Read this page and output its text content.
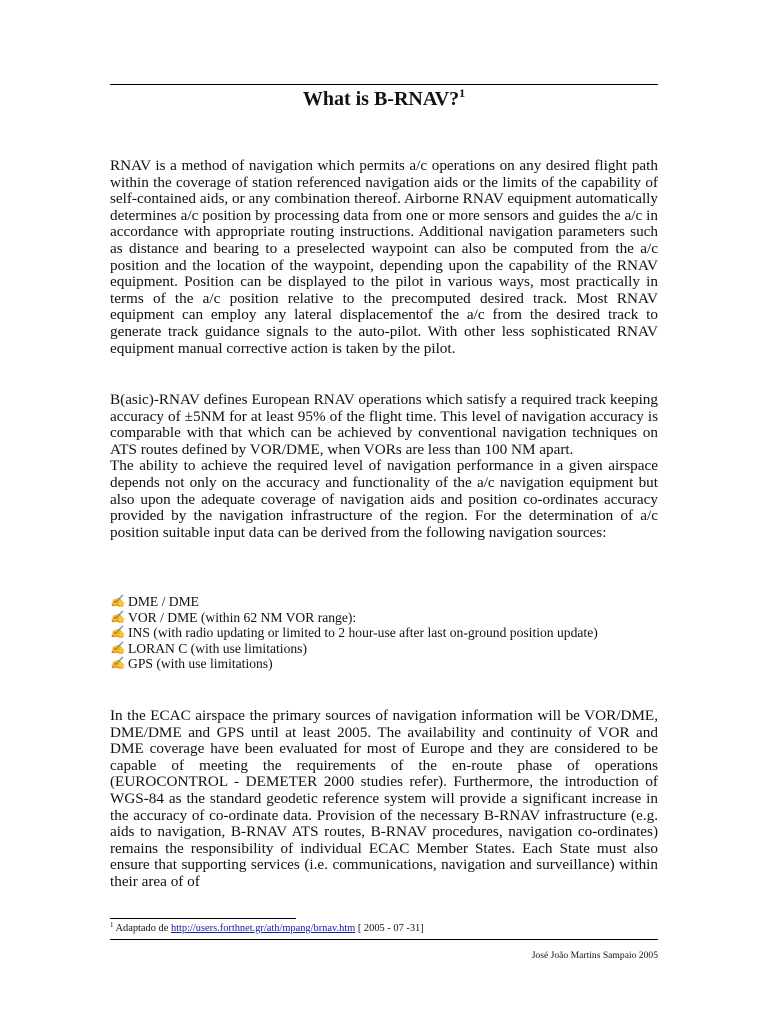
What is B-RNAV?$^1$

RNAV is a method of navigation which permits a/c operations on any desired flight path within the coverage of station referenced navigation aids or the limits of the capability of self-contained aids, or any combination thereof. Airborne RNAV equipment automatically determines a/c position by processing data from one or more sensors and guides the a/c in accordance with appropriate routing instructions. Additional navigation parameters such as distance and bearing to a preselected waypoint can also be computed from the a/c position and the location of the waypoint, depending upon the capability of the RNAV equipment. Position can be displayed to the pilot in various ways, most practically in terms of the a/c position relative to the precomputed desired track. Most RNAV equipment can employ any lateral displacementof the a/c from the desired track to generate track guidance signals to the auto-pilot. With other less sophisticated RNAV equipment manual corrective action is taken by the pilot.

B(asic)-RNAV defines European RNAV operations which satisfy a required track keeping accuracy of ±5NM for at least 95% of the flight time. This level of navigation accuracy is comparable with that which can be achieved by conventional navigation techniques on ATS routes defined by VOR/DME, when VORs are less than 100 NM apart.

The ability to achieve the required level of navigation performance in a given airspace depends not only on the accuracy and functionality of the a/c navigation equipment but also upon the adequate coverage of navigation aids and position co-ordinates accuracy provided by the navigation infrastructure of the region. For the determination of a/c position suitable input data can be derived from the following navigation sources:

✍ DME / DME
✍ VOR / DME (within 62 NM VOR range):
✍ INS (with radio updating or limited to 2 hour-use after last on-ground position update)
✍ LORAN C (with use limitations)
✍ GPS (with use limitations)

In the ECAC airspace the primary sources of navigation information will be VOR/DME, DME/DME and GPS until at least 2005. The availability and continuity of VOR and DME coverage have been evaluated for most of Europe and they are considered to be capable of meeting the requirements of the en-route phase of operations (EUROCONTROL - DEMETER 2000 studies refer). Furthermore, the introduction of WGS-84 as the standard geodetic reference system will provide a significant increase in the accuracy of co-ordinate data. Provision of the necessary B-RNAV infrastructure (e.g. aids to navigation, B-RNAV ATS routes, B-RNAV procedures, navigation co-ordinates) remains the responsibility of individual ECAC Member States. Each State must also ensure that supporting services (i.e. communications, navigation and surveillance) within their area of of

$^1$ Adaptado de http://users.forthnet.gr/ath/mpang/brnav.htm [ 2005 - 07 -31]
José João Martins Sampaio 2005
